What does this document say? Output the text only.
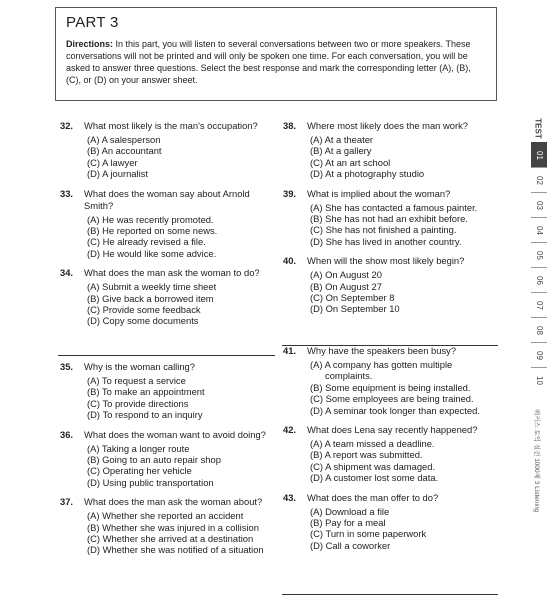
PART 3
Directions: In this part, you will listen to several conversations between two or more speakers. These conversations will not be printed and will only be spoken one time. For each conversation, you will be asked to answer three questions. Select the best response and mark the corresponding letter (A), (B), (C), or (D) on your answer sheet.
32. What most likely is the man's occupation?
(A) A salesperson
(B) An accountant
(C) A lawyer
(D) A journalist
33. What does the woman say about Arnold Smith?
(A) He was recently promoted.
(B) He reported on some news.
(C) He already revised a file.
(D) He would like some advice.
34. What does the man ask the woman to do?
(A) Submit a weekly time sheet
(B) Give back a borrowed item
(C) Provide some feedback
(D) Copy some documents
35. Why is the woman calling?
(A) To request a service
(B) To make an appointment
(C) To provide directions
(D) To respond to an inquiry
36. What does the woman want to avoid doing?
(A) Taking a longer route
(B) Going to an auto repair shop
(C) Operating her vehicle
(D) Using public transportation
37. What does the man ask the woman about?
(A) Whether she reported an accident
(B) Whether she was injured in a collision
(C) Whether she arrived at a destination
(D) Whether she was notified of a situation
38. Where most likely does the man work?
(A) At a theater
(B) At a gallery
(C) At an art school
(D) At a photography studio
39. What is implied about the woman?
(A) She has contacted a famous painter.
(B) She has not had an exhibit before.
(C) She has not finished a painting.
(D) She has lived in another country.
40. When will the show most likely begin?
(A) On August 20
(B) On August 27
(C) On September 8
(D) On September 10
41. Why have the speakers been busy?
(A) A company has gotten multiple complaints.
(B) Some equipment is being installed.
(C) Some employees are being trained.
(D) A seminar took longer than expected.
42. What does Lena say recently happened?
(A) A team missed a deadline.
(B) A report was submitted.
(C) A shipment was damaged.
(D) A customer lost some data.
43. What does the man offer to do?
(A) Download a file
(B) Pay for a meal
(C) Turn in some paperwork
(D) Call a coworker
TEST
01
02
03
04
05
06
07
08
09
10
해커스 토익 실전 1000제 3 Listening
